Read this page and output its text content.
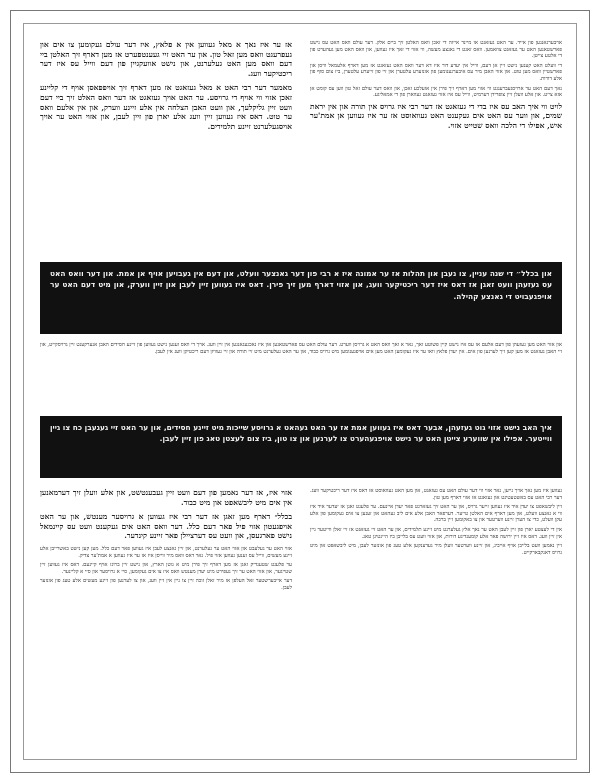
אויבערגאנגען פון אייד. ער האט געזאגט או מיינד אייזה די זאכן וואס האלטן זיך ביים אלק. דער עולם וואס האט עס נישט פארשטאנען האט ער געזאגט צוזאמען. וואס זאגט די גאנצע מעשה, ווי אזוי די זאך איז געווען, און וואס האט מען געהערט פון די אלטע צייטן.

די וועלט האט קענען נישט זיין אן דעם, ווייל אין יעדע דור איז דא דער וואס האט געזאגט אז מען דארף אלעמאל וויסן און פארשטיין וואס מען טוט. און אזוי האבן מיר עס איבערגענומען פון אונזערע עלטערן און זיי פון זייערע עלטערן, ביז צום סוף פון אלע דורות.

נאך דעם האט ער ארויסגעברענגט ווי אזוי מען דארף זיך פירן אין אזעלכע זאכן, און וואס דער עולם זאל טון ווען עס קומט אן אזא צייט. און אלע וועלן זיין צופרידן דערמיט, ווייל עס איז אזוי געזאגט געווארן פון די אמאליגע.

לויט ווי איך האב עס איז בדי די געזאגט אז דער רבי איז גרויס אין תורה און אין יראת שמים, און ווער עס האט אים געקענט האט געוואוסט אז ער איז געווען אן אמת'ער איש, אפילו די הלכה וואס שטייט אזוי.

אז ער איז נאך א מאל געווען אין א פלאץ, איז דער עולם געקומען צו אים און געפרעגט וואס מען זאל טון. און ער האט זיי געענטפערט אז מען דארף זיך האלטן ביי דעם וואס מען האט געלערנט, און נישט אוועקגיין פון דעם ווייל עס איז דער ריכטיקער וועג.

מאמער דער רבי האט א מאל געזאגט אז מען דארף זיך אויפפאסן אויף די קליינע זאכן אזוי ווי אויף די גרויסע. ער האט אויך געזאגט אז דער וואס האלט זיך ביי דעם וועט זיין גליקלעך, און וועט האבן הצלחה אין אלע זיינע ווערק, און אין אלעם וואס ער טוט. דאס איז געווען זיין וועג אלע יארן פון זיין לעבן, און אזוי האט ער אויך אויסגעלערנט זיינע תלמידים.

און בכלל״ די שנה עניין, צו נעבן און תהלות אז ער אמונה איז א רבי פון דער גאנצער וועלט, און דעם אין געבויען אויף אן אמת. און דער וואס האט עס געזעהן וועט זאגן אז דאס איז דער ריכטיקער וועג, און אזוי דארף מען זיך פירן. דאס איז געווען זיין לעבן און זיין ווערק, און מיט דעם האט ער אויפגעבויט די גאנצע קהילה.

און אזוי האט מען געזעהן פון דעם אלעם אז עס איז נישט קיין פשוטע זאך, נאר א זאך וואס האט א גרויסן ווערט. דער עולם האט עס פארשטאנען און איז נאכגעגאנגען אין זיין וועג. אויך די וואס זענען נישט געווען פון זיינע חסידים האבן אנערקענט זיין גרויסקייט, און זיי האבן געזאגט אז מען קען זיך לערנען פון אים. אין יעדן פלאץ וואו ער איז געקומען האט מען אים אויפגענומען מיט גרויס כבוד, און ער האט געלערנט מיט זיי תורה און זיי געוויזן דעם ריכטיקן וועג אין לעבן.

איך האב נישט אזוי גוט געזעהן, אבער דאס איז געווען אמת אז ער האט געהאט א גרויסע שייכות מיט זיינע חסידים, און ער האט זיי געגעבן כח צו גיין ווייטער. אפילו אין שווערע צייטן האט ער נישט אויפגעהערט צו לערנען און צו טון, ביז צום לעצטן טאג פון זיין לעבן.

געווען איז מען נאך אויך גייען, נאר אזוי ווי דער עולם האט עס געזאגט, און מען האט געוואוסט אז דאס איז דער ריכטיקער וועג. דער רבי האט עס באשטעטיגט און געזאגט אז אזוי דארף מען טון.

זיין ליבשאפט צו יעדן איד איז געווען זייער גרויס, און ער האט זיך געזארגט פאר יעדן איינעם. ער פלעגט זאגן אז יעדער איד איז ווי א גאנצע וועלט, און מען דארף אים האלטן טייער. דערפאר האבן אלע אים ליב געהאט און זענען צו אים געקומען פון אלע עקן וועלט, כדי צו הערן זיינע ווערטער און צו באקומען זיין ברכה.

אין די לעצטע יארן פון זיין לעבן האט ער נאך אלץ געלערנט מיט זיינע תלמידים, און ער האט זיי געזאגט אז זיי זאלן ווייטער גיין אין זיין וועג. דאס איז זיין ירושה פאר אלע קומענדיגע דורות, און אזוי וועט עס בלייבן ביז היינטיגן טאג.

זיין נאמען וועט בלייבן אויף אייביג, און זיינע ווערטער וועלן מיר געדענקען אלע טעג פון אונזער לעבן, מיט ליבשאפט און מיט גרויס דאנקבארקייט.

אזוי איז, אז דער נאמען פון דעם וועט זיין געבענטשט, און אלע וועלן זיך דערמאנען אין אים מיט ליבשאפט און מיט כבוד.

בכלל״ דארף מען זאגן אז דער רבי איז געווען א גרויסער מענטש, און ער האט אויפגעטון אזוי פיל פאר דעם כלל. דער וואס האט אים געקענט וועט עס קיינמאל נישט פארגעסן, און וועט עס דערציילן פאר זיינע קינדער.

אזוי האט ער געלעבט און אזוי האט ער געלערנט, און זיין גאנצע לעבן איז געווען פאר דעם כלל. מען קען נישט באשרייבן אלע זיינע מעשים, ווייל עס זענען געווען אזוי פיל. נאר דאס וואס מיר ווייסן איז אז ער איז געווען א אמת'ער צדיק.

ער פלעגט שטענדיק זאגן אז מען דארף זיך פירן מיט א גוטן הארץ, און נישט זיין ברוגז אויף קיינעם. דאס איז געווען זיין שטייגער, און אזוי האט ער זיך געפירט מיט יעדן מענטש וואס איז צו אים געקומען, סיי א גרויסער און סיי א קליינער.

דער אייבערשטער זאל העלפן אז מיר זאלן זוכה זיין צו גיין אין זיין וועג, און צו לערנען פון זיינע מעשים אלע טעג פון אונזער לעבן.
